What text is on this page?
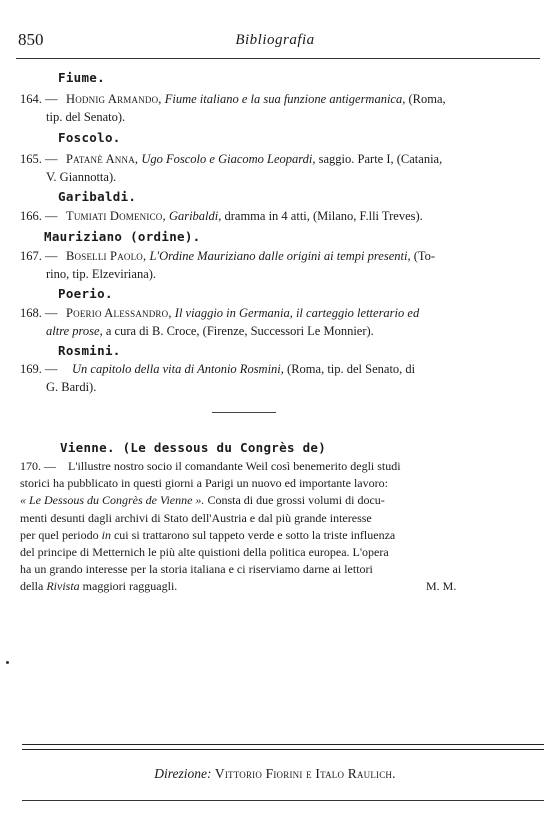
850	Bibliografia
Fiume.
164. — Hodnig Armando, Fiume italiano e la sua funzione antigermanica, (Roma,
tip. del Senato).
Foscolo.
165. — Patanè Anna, Ugo Foscolo e Giacomo Leopardi, saggio. Parte I, (Catania,
V. Giannotta).
Garibaldi.
166. — Tumiati Domenico, Garibaldi, dramma in 4 atti, (Milano, F.lli Treves).
Mauriziano (ordine).
167. — Boselli Paolo, L'Ordine Mauriziano dalle origini ai tempi presenti, (To-
rino, tip. Elzeviriana).
Poerio.
168. — Poerio Alessandro, Il viaggio in Germania, il carteggio letterario ed
altre prose, a cura di B. Croce, (Firenze, Successori Le Monnier).
Rosmini.
169. — Un capitolo della vita di Antonio Rosmini, (Roma, tip. del Senato, di
G. Bardi).
Vienne. (Le dessous du Congrès de)
170. — L'illustre nostro socio il comandante Weil così benemerito degli studi
storici ha pubblicato in questi giorni a Parigi un nuovo ed importante lavoro:
« Le Dessous du Congrès de Vienne ». Consta di due grossi volumi di docu-
menti desunti dagli archivi di Stato dell'Austria e dal più grande interesse
per quel periodo in cui si trattarono sul tappeto verde e sotto la triste influenza
del principe di Metternich le più alte quistioni della politica europea. L'opera
ha un grando interesse per la storia italiana e ci riserviamo darne ai lettori
della Rivista maggiori ragguagli.	M. M.
Direzione: Vittorio Fiorini e Italo Raulich.
